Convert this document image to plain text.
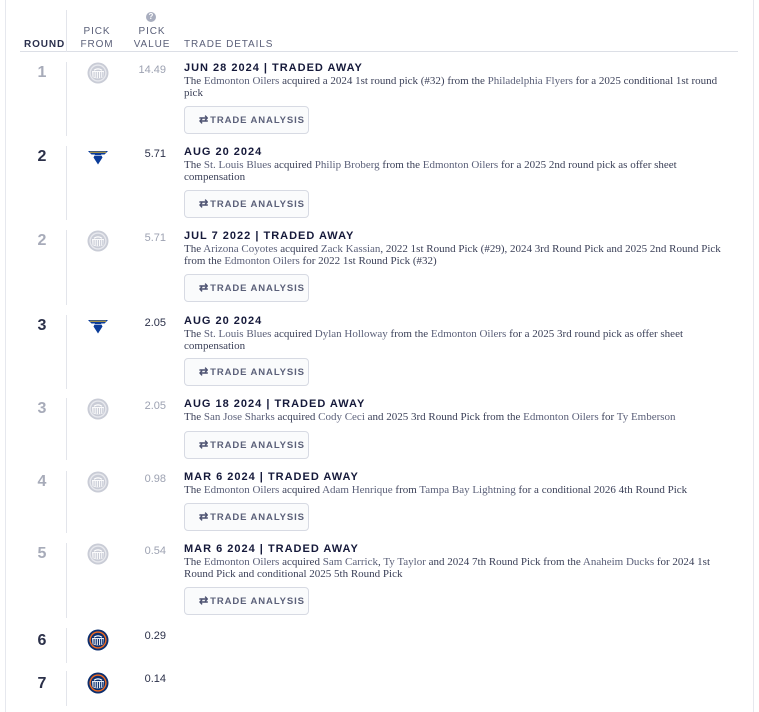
ROUND
PICK
FROM
?
PICK
VALUE TRADE DETAILS
1	14.49 JUN 28 2024 | TRADED AWAY
The Edmonton Oilers acquired a 2024 1st round pick (#32) from the Philadelphia Flyers for a 2025 conditional 1st round pick
⇄TRADE ANALYSIS
2	5.71 AUG 20 2024
The St. Louis Blues acquired Philip Broberg from the Edmonton Oilers for a 2025 2nd round pick as offer sheet compensation
⇄TRADE ANALYSIS
2	5.71 JUL 7 2022 | TRADED AWAY
The Arizona Coyotes acquired Zack Kassian, 2022 1st Round Pick (#29), 2024 3rd Round Pick and 2025 2nd Round Pick from the Edmonton Oilers for 2022 1st Round Pick (#32)
⇄TRADE ANALYSIS
3	2.05 AUG 20 2024
The St. Louis Blues acquired Dylan Holloway from the Edmonton Oilers for a 2025 3rd round pick as offer sheet compensation
⇄TRADE ANALYSIS
3	2.05 AUG 18 2024 | TRADED AWAY
The San Jose Sharks acquired Cody Ceci and 2025 3rd Round Pick from the Edmonton Oilers for Ty Emberson
⇄TRADE ANALYSIS
4	0.98 MAR 6 2024 | TRADED AWAY
The Edmonton Oilers acquired Adam Henrique from Tampa Bay Lightning for a conditional 2026 4th Round Pick
⇄TRADE ANALYSIS
5	0.54 MAR 6 2024 | TRADED AWAY
The Edmonton Oilers acquired Sam Carrick, Ty Taylor and 2024 7th Round Pick from the Anaheim Ducks for 2024 1st Round Pick and conditional 2025 5th Round Pick
⇄TRADE ANALYSIS
6	0.29
7	0.14
